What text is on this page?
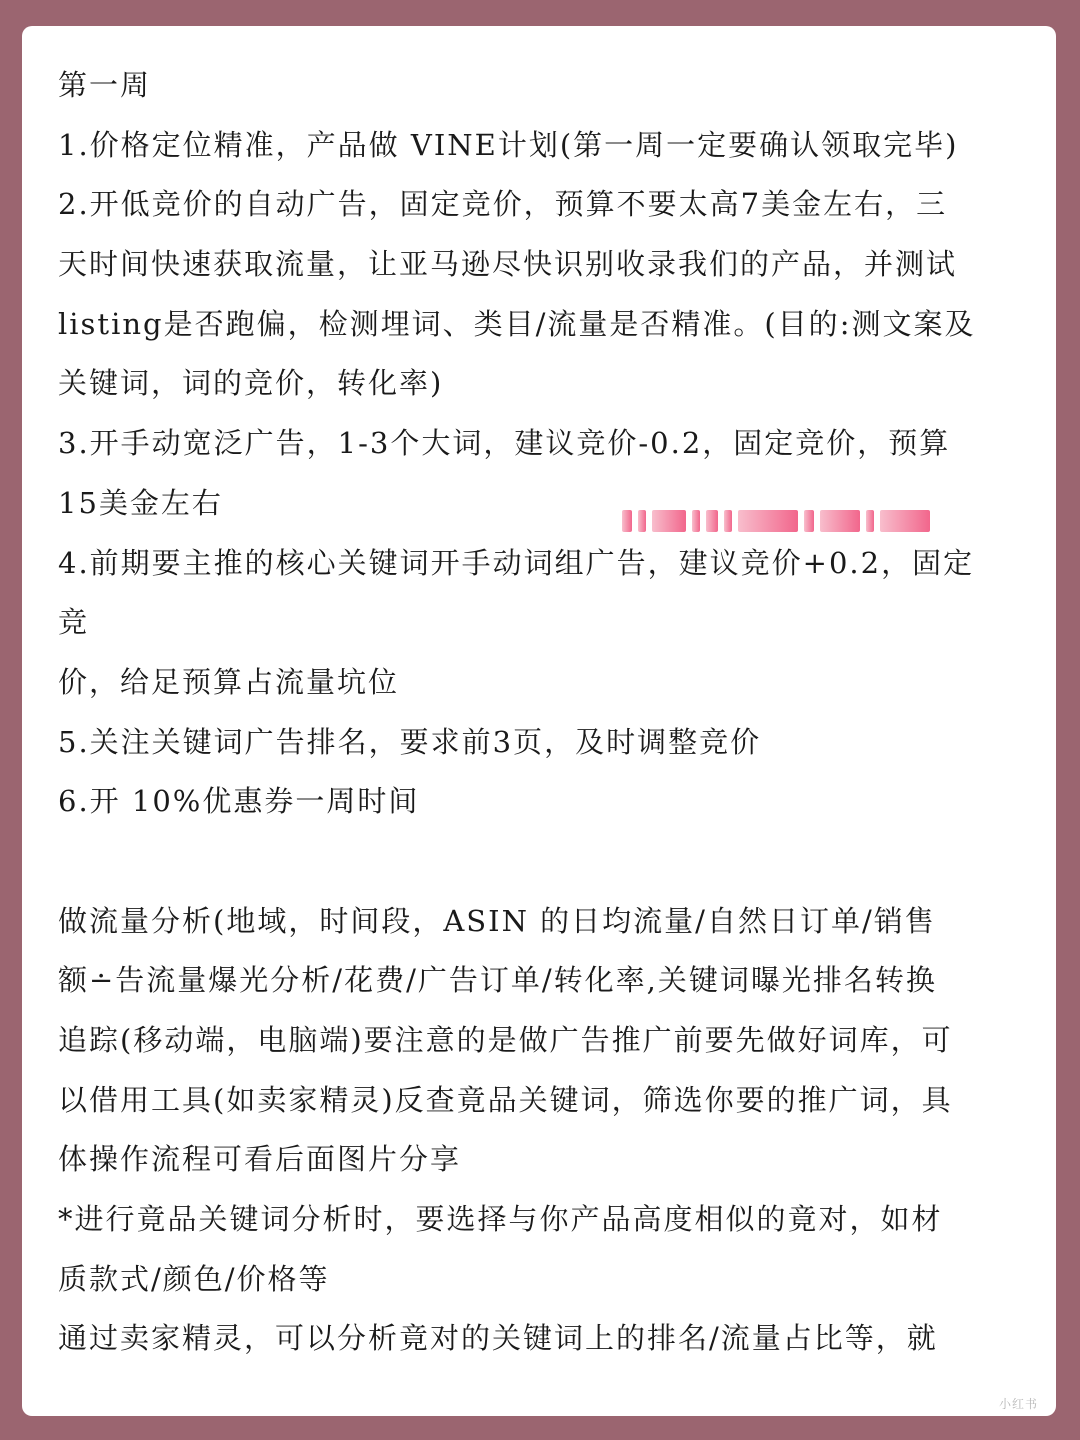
第一周
1.价格定位精准，产品做 VINE计划(第一周一定要确认领取完毕)
2.开低竞价的自动广告，固定竞价，预算不要太高7美金左右，三
天时间快速获取流量，让亚马逊尽快识别收录我们的产品，并测试
listing是否跑偏，检测埋词、类目/流量是否精准。(目的:测文案及
关键词，词的竞价，转化率)
3.开手动宽泛广告，1-3个大词，建议竞价-0.2，固定竞价，预算
15美金左右
4.前期要主推的核心关键词开手动词组广告，建议竞价+0.2，固定
竞
价，给足预算占流量坑位
5.关注关键词广告排名，要求前3页，及时调整竞价
6.开 10%优惠券一周时间
做流量分析(地域，时间段，ASIN 的日均流量/自然日订单/销售
额∸告流量爆光分析/花费/广告订单/转化率,关键词曝光排名转换
追踪(移动端，电脑端)要注意的是做广告推广前要先做好词库，可
以借用工具(如卖家精灵)反查竟品关键词，筛选你要的推广词，具
体操作流程可看后面图片分享
*进行竟品关键词分析时，要选择与你产品高度相似的竟对，如材
质款式/颜色/价格等
通过卖家精灵，可以分析竟对的关键词上的排名/流量占比等，就
小红书
